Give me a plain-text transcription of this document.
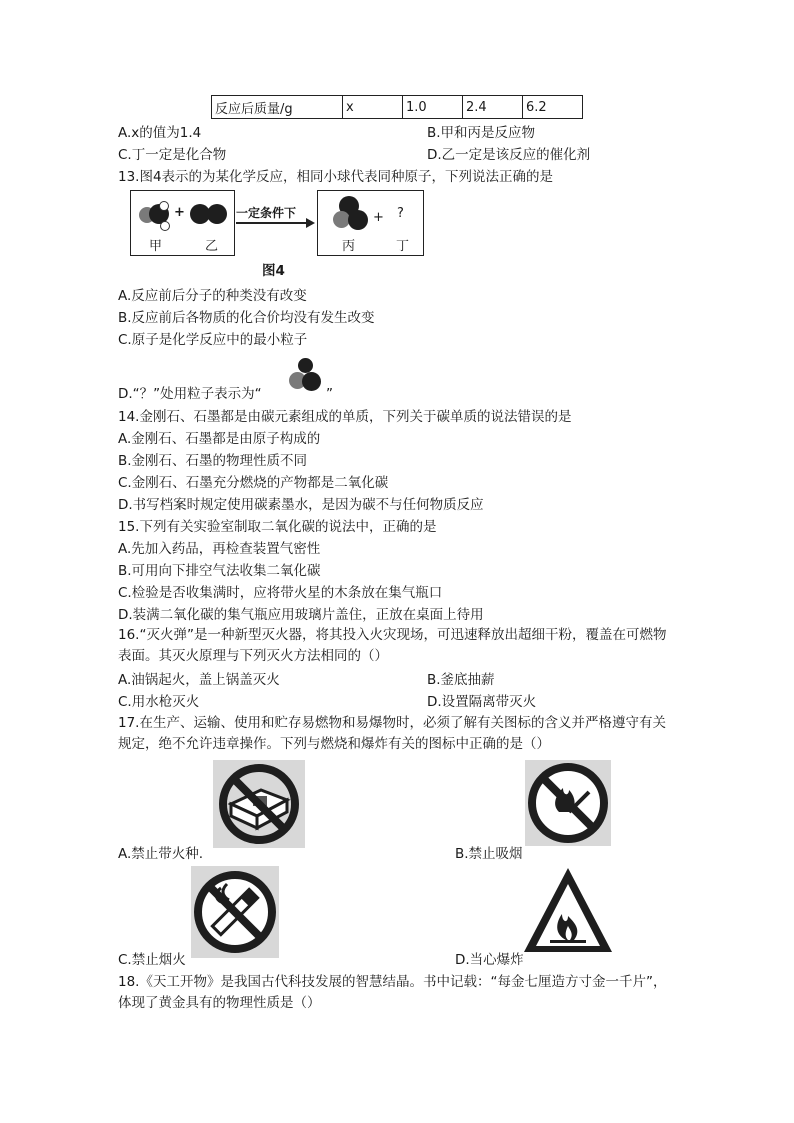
反应后质量/g	x	1.0	2.4	6.2
A.x的值为1.4	B.甲和丙是反应物
C.丁一定是化合物	D.乙一定是该反应的催化剂
13.图4表示的为某化学反应，相同小球代表同种原子，下列说法正确的是
+
甲	乙
一定条件下	+ ?
丙	丁
图4
A.反应前后分子的种类没有改变
B.反应前后各物质的化合价均没有发生改变
C.原子是化学反应中的最小粒子
D.“？”处用粒子表示为“	”
14.金刚石、石墨都是由碳元素组成的单质，下列关于碳单质的说法错误的是
A.金刚石、石墨都是由原子构成的
B.金刚石、石墨的物理性质不同
C.金刚石、石墨充分燃烧的产物都是二氧化碳
D.书写档案时规定使用碳素墨水，是因为碳不与任何物质反应
15.下列有关实验室制取二氧化碳的说法中，正确的是
A.先加入药品，再检查装置气密性
B.可用向下排空气法收集二氧化碳
C.检验是否收集满时，应将带火星的木条放在集气瓶口
D.装满二氧化碳的集气瓶应用玻璃片盖住，正放在桌面上待用
16.“灭火弹”是一种新型灭火器，将其投入火灾现场，可迅速释放出超细干粉，覆盖在可燃物表面。其灭火原理与下列灭火方法相同的（）
A.油锅起火，盖上锅盖灭火	B.釜底抽薪
C.用水枪灭火	D.设置隔离带灭火
17.在生产、运输、使用和贮存易燃物和易爆物时，必须了解有关图标的含义并严格遵守有关规定，绝不允许违章操作。下列与燃烧和爆炸有关的图标中正确的是（）
A.禁止带火种.	B.禁止吸烟
C.禁止烟火	D.当心爆炸
18.《天工开物》是我国古代科技发展的智慧结晶。书中记载：“每金七厘造方寸金一千片”，体现了黄金具有的物理性质是（）
